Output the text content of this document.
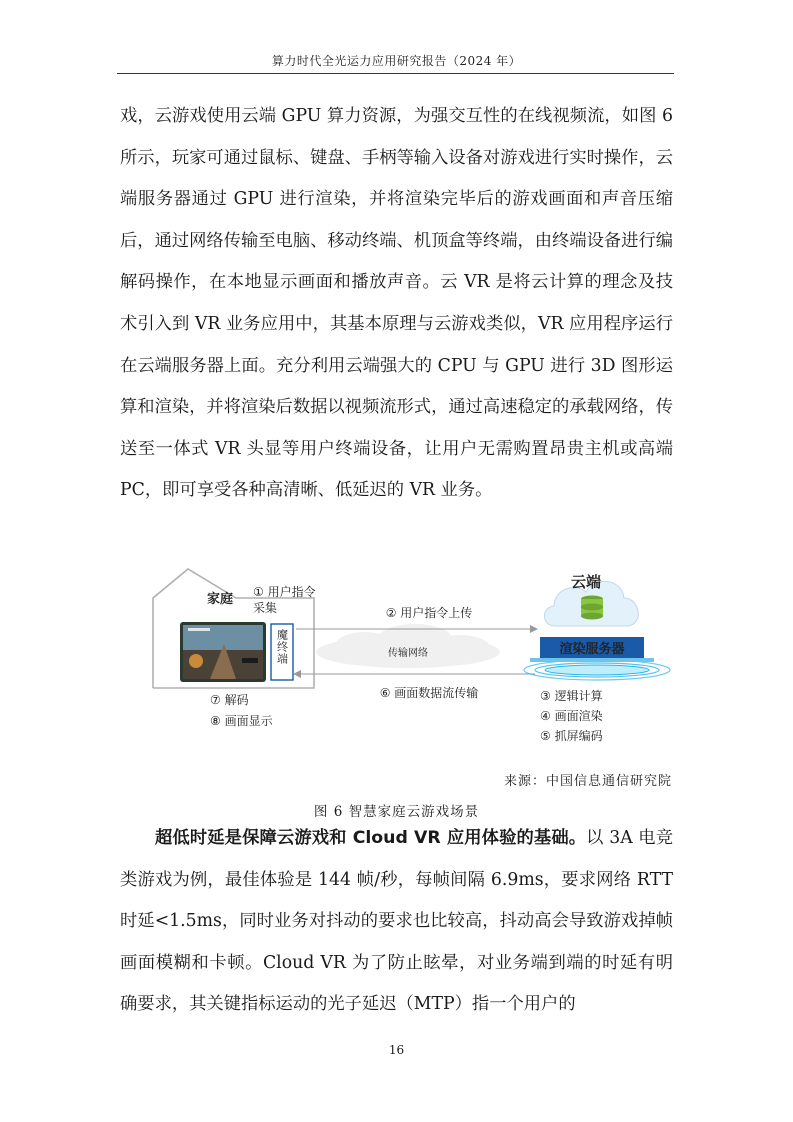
算力时代全光运力应用研究报告（2024 年）

戏，云游戏使用云端 GPU 算力资源，为强交互性的在线视频流，如图 6 所示，玩家可通过鼠标、键盘、手柄等输入设备对游戏进行实时操作，云端服务器通过 GPU 进行渲染，并将渲染完毕后的游戏画面和声音压缩后，通过网络传输至电脑、移动终端、机顶盒等终端，由终端设备进行编解码操作，在本地显示画面和播放声音。云 VR 是将云计算的理念及技术引入到 VR 业务应用中，其基本原理与云游戏类似，VR 应用程序运行在云端服务器上面。充分利用云端强大的 CPU 与 GPU 进行 3D 图形运算和渲染，并将渲染后数据以视频流形式，通过高速稳定的承载网络，传送至一体式 VR 头显等用户终端设备，让用户无需购置昂贵主机或高端 PC，即可享受各种高清晰、低延迟的 VR 业务。

家庭
魔终端
① 用户指令采集
传输网络
② 用户指令上传
⑥ 画面数据流传输
云端
渲染服务器
③ 逻辑计算
④ 画面渲染
⑤ 抓屏编码
⑦ 解码
⑧ 画面显示
来源：中国信息通信研究院
图 6 智慧家庭云游戏场景

超低时延是保障云游戏和 Cloud VR 应用体验的基础。以 3A 电竞类游戏为例，最佳体验是 144 帧/秒，每帧间隔 6.9ms，要求网络 RTT 时延<1.5ms，同时业务对抖动的要求也比较高，抖动高会导致游戏掉帧画面模糊和卡顿。Cloud VR 为了防止眩晕，对业务端到端的时延有明确要求，其关键指标运动的光子延迟（MTP）指一个用户的

16
